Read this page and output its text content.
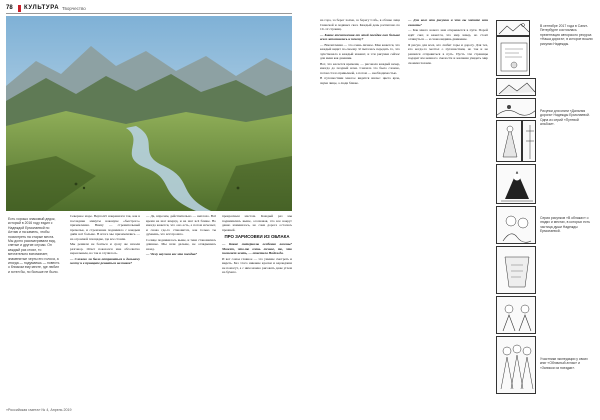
78 КУЛЬТУРА Творчество
Есть хорошо знакомый дедок, который в 2016 году ездил с Надеждой Ермолаевой по Алтаю и на камень, чтобы посмотреть на старые места. Мы долго рассматривали вид, спетые и другие случаи. Он каждый раз стоял, то мечтательно вспоминает, знаменитые черты его голоса, а иногда — подумаешь — повесть о близком ему месте, где любил и хотел бы, но больше не было.

Северное море. Вертолёт накренился так, как в последние минуты накануне «быстрого» приземления. Внизу — стремительный промельк, и стремление поднимало с каждым днём всё больше. В итоге мы приземлились — на огромной площадке, где все стояли.

Мы решили не бояться и сразу же начали разговор. Ответ показался мне абсолютно нереальным, но так и случилось.

— Сложно ли было отправиться к дальнему месту и в принципе решиться на такое?

— Да, впрочем, действительно — неплохо. Всё время на шаг вперёд, и на шаг всё ближе. Но иногда кажется, что оно есть, а потом исчезает, и снова где-то становится, как только ты думаешь, что всё прошло.

Солнце поднималось выше, и тени становились длиннее. Мы шли дальше, не оглядываясь назад.

— Чему научила вас эта поездка?

прекрасным местом. Каждый раз мы поднимались выше, осознавая, что все вокруг давно изменилось, но сама дорога осталась прежней.

ПРО ЗАРИСОВКИ ИЗ ОБЛАКА

— Какие материалы особенно важны? Может, что-то очень личное, то, что помогает жить, — ответила Надежда.

И вот самое главное — это умение смотреть и видеть. Без этого никакие краски и карандаши не помогут, а с ним можно рисовать даже углем на бумаге.

на гора, за берег холма, за берегу Собь, в облаке лица Сванской и ледяных скал. Каждый день расписано по 10–12 страниц.

— Какие впечатления от этой поездки вам больше всего запомнились и почему?

— Впечатления — это очень личное. Мне кажется, что каждый видит по-своему. Я пыталась передать то, что чувствовала в каждый момент, и эти рисунки сейчас для меня как дневник.

Вот, что касается времени, — рисовала каждый вечер, иногда до поздней ночи. Сначала это было сложно, потом стало привычкой, а потом — необходимостью.

В путешествии многое видится иначе: цвета ярче, звуки чище, а люди ближе.

— Для кого эти рисунки и что вы хотите ими сказать?

— Как много нового нам открывается в пути. Порой идёт снег, и кажется, что мир замер, но стоит оглянуться — и снова видишь движение.

Я рисую для всех, кто любит горы и дорогу. Для тех, кто когда-то мечтал о путешествии, но так и не решился отправиться в путь. Пусть эти страницы подарят им немного смелости и желания увидеть мир своими глазами.

В сентябре 2017 года в Санкт-Петербурге состоялась презентация авторского ресурса «Наша дорога», в которое вошли рисунки Надежды.
Рисунки для книги «Дальняя дорога» Надежды Ермолаевой. Одна из серий «Путевой альбом».
Серия рисунков «В облаках» о людях и местах, в которых есть частица души Надежды Ермолаевой.
Участники экспедиции у своих книг «Облачный атлас» и «Записки из поездки».
«Российская газета» № 4, Апрель 2019
